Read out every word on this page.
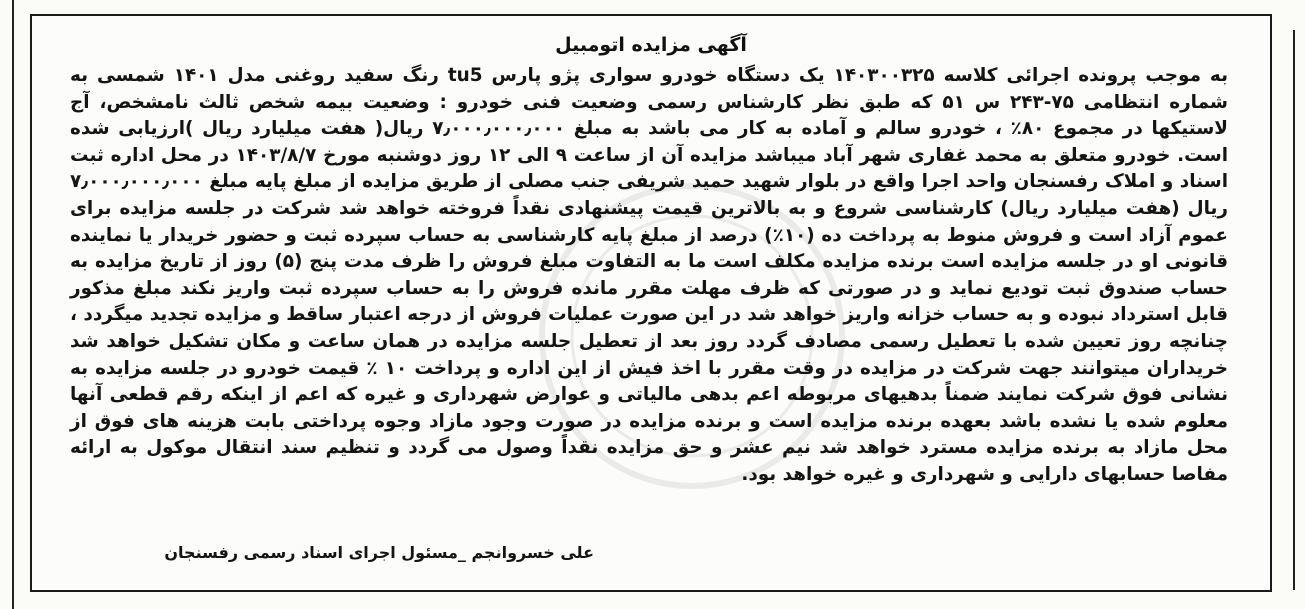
آگهی مزایده اتومبیل

به موجب پرونده اجرائی کلاسه ۱۴۰۳۰۰۳۲۵ یک دستگاه خودرو سواری پژو پارس tu5 رنگ سفید روغنی مدل ۱۴۰۱ شمسی به شماره انتظامی ۷۵-۲۴۳ س ۵۱ که طبق نظر کارشناس رسمی وضعیت فنی خودرو : وضعیت بیمه شخص ثالث نامشخص، آج لاستیکها در مجموع ۸۰٪ ، خودرو سالم و آماده به کار می باشد به مبلغ ۷٫۰۰۰٫۰۰۰٫۰۰۰ ریال( هفت میلیارد ریال )ارزیابی شده است. خودرو متعلق به محمد غفاری شهر آباد میباشد مزایده آن از ساعت ۹ الی ۱۲ روز دوشنبه مورخ ۱۴۰۳/۸/۷ در محل اداره ثبت اسناد و املاک رفسنجان واحد اجرا واقع در بلوار شهید حمید شریفی جنب مصلی از طریق مزایده از مبلغ پایه مبلغ ۷٫۰۰۰٫۰۰۰٫۰۰۰ ریال (هفت میلیارد ریال) کارشناسی شروع و به بالاترین قیمت پیشنهادی نقداً فروخته خواهد شد شرکت در جلسه مزایده برای عموم آزاد است و فروش منوط به پرداخت ده (۱۰٪) درصد از مبلغ پایه کارشناسی به حساب سپرده ثبت و حضور خریدار یا نماینده قانونی او در جلسه مزایده است برنده مزایده مکلف است ما به التفاوت مبلغ فروش را ظرف مدت پنج (۵) روز از تاریخ مزایده به حساب صندوق ثبت تودیع نماید و در صورتی که ظرف مهلت مقرر مانده فروش را به حساب سپرده ثبت واریز نکند مبلغ مذکور قابل استرداد نبوده و به حساب خزانه واریز خواهد شد در این صورت عملیات فروش از درجه اعتبار ساقط و مزایده تجدید میگردد ، چنانچه روز تعیین شده با تعطیل رسمی مصادف گردد روز بعد از تعطیل جلسه مزایده در همان ساعت و مکان تشکیل خواهد شد خریداران میتوانند جهت شرکت در مزایده در وقت مقرر با اخذ فیش از این اداره و پرداخت ۱۰ ٪ قیمت خودرو در جلسه مزایده به نشانی فوق شرکت نمایند ضمناً بدهیهای مربوطه اعم بدهی مالیاتی و عوارض شهرداری و غیره که اعم از اینکه رقم قطعی آنها معلوم شده یا نشده باشد بعهده برنده مزایده است و برنده مزایده در صورت وجود مازاد وجوه پرداختی بابت هزینه های فوق از محل مازاد به برنده مزایده مسترد خواهد شد نیم عشر و حق مزایده نقداً وصول می گردد و تنظیم سند انتقال موکول به ارائه مفاصا حسابهای دارایی و شهرداری و غیره خواهد بود.

علی خسروانجم _مسئول اجرای اسناد رسمی رفسنجان
